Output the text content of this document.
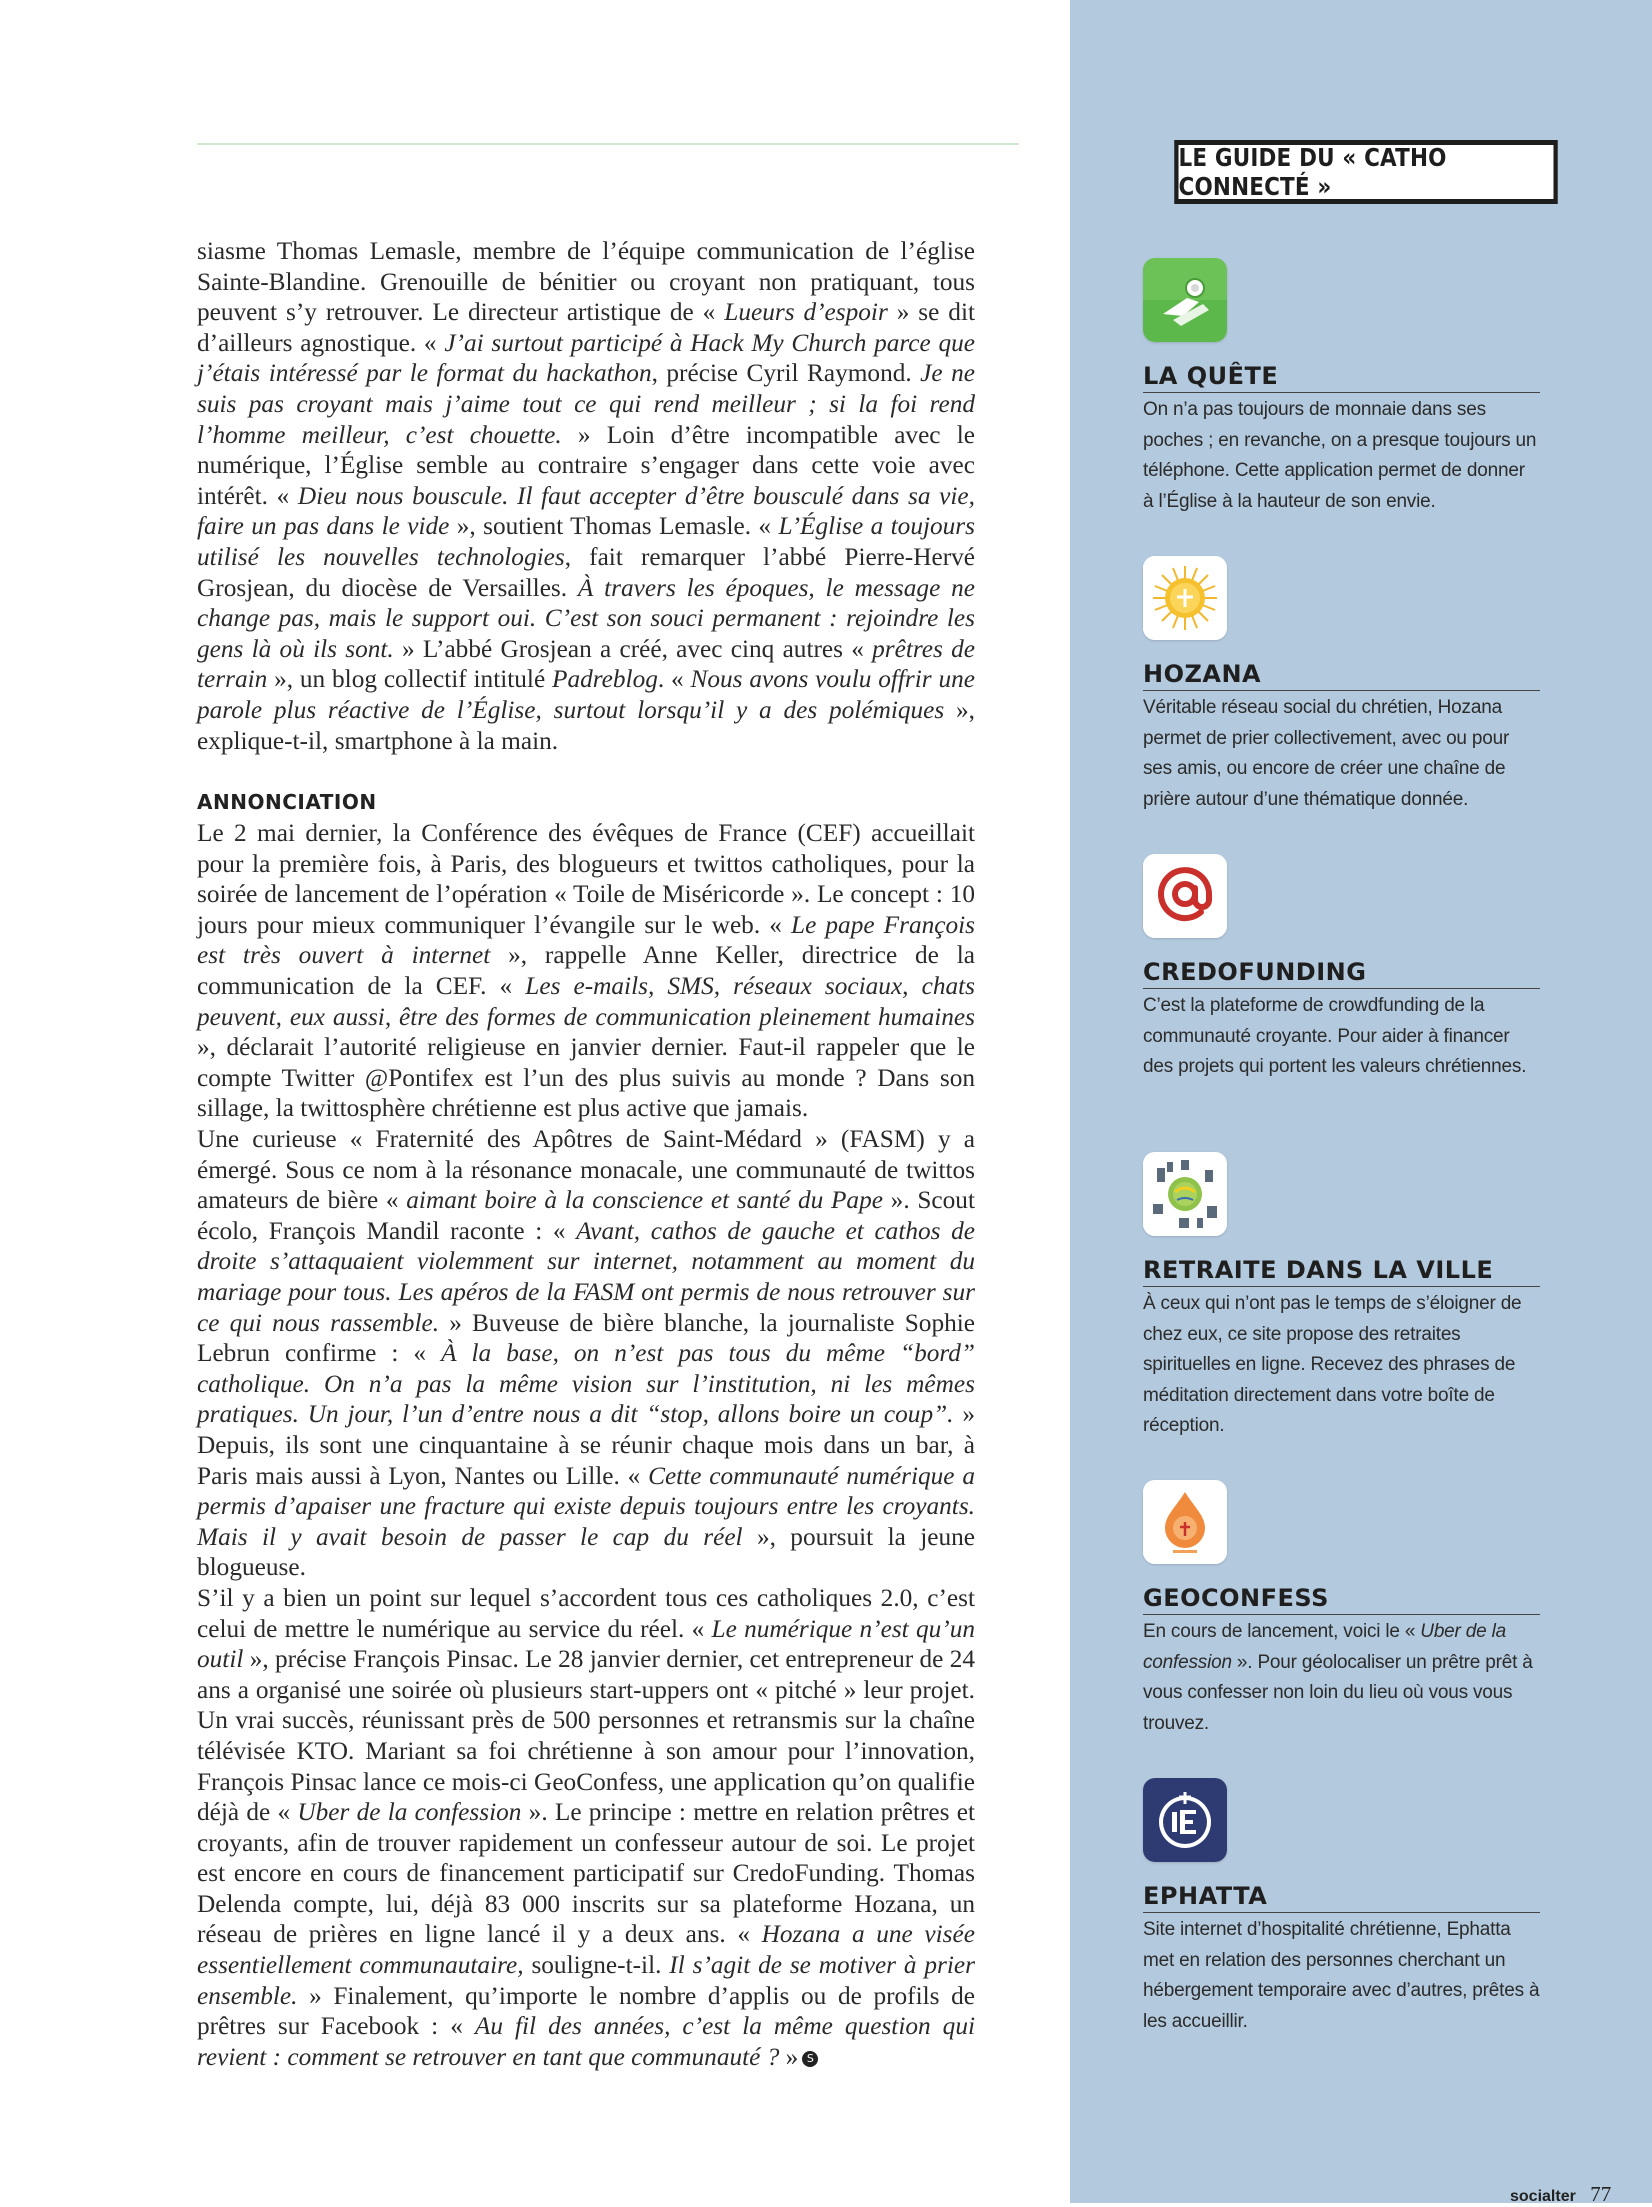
siasme Thomas Lemasle, membre de l’équipe communication de l’église Sainte-Blandine. Grenouille de bénitier ou croyant non pratiquant, tous peuvent s’y retrouver. Le directeur artistique de « Lueurs d’espoir » se dit d’ailleurs agnostique. « J’ai surtout participé à Hack My Church parce que j’étais intéressé par le format du hackathon, précise Cyril Raymond. Je ne suis pas croyant mais j’aime tout ce qui rend meilleur ; si la foi rend l’homme meilleur, c’est chouette. » Loin d’être incompatible avec le numérique, l’Église semble au contraire s’engager dans cette voie avec intérêt. « Dieu nous bouscule. Il faut accepter d’être bousculé dans sa vie, faire un pas dans le vide », soutient Thomas Lemasle. « L’Église a toujours utilisé les nouvelles technologies, fait remarquer l’abbé Pierre-Hervé Grosjean, du diocèse de Versailles. À travers les époques, le message ne change pas, mais le support oui. C’est son souci permanent : rejoindre les gens là où ils sont. » L’abbé Grosjean a créé, avec cinq autres « prêtres de terrain », un blog collectif intitulé Padreblog. « Nous avons voulu offrir une parole plus réactive de l’Église, surtout lorsqu’il y a des polémiques », explique-t-il, smartphone à la main.

ANNONCIATION

Le 2 mai dernier, la Conférence des évêques de France (CEF) accueillait pour la première fois, à Paris, des blogueurs et twittos catholiques, pour la soirée de lancement de l’opération « Toile de Miséricorde ». Le concept : 10 jours pour mieux communiquer l’évangile sur le web. « Le pape François est très ouvert à internet », rappelle Anne Keller, directrice de la communication de la CEF. « Les e-mails, SMS, réseaux sociaux, chats peuvent, eux aussi, être des formes de communication pleinement humaines », déclarait l’autorité religieuse en janvier dernier. Faut-il rappeler que le compte Twitter @Pontifex est l’un des plus suivis au monde ? Dans son sillage, la twittosphère chrétienne est plus active que jamais.

Une curieuse « Fraternité des Apôtres de Saint-Médard » (FASM) y a émergé. Sous ce nom à la résonance monacale, une communauté de twittos amateurs de bière « aimant boire à la conscience et santé du Pape ». Scout écolo, François Mandil raconte : « Avant, cathos de gauche et cathos de droite s’attaquaient violemment sur internet, notamment au moment du mariage pour tous. Les apéros de la FASM ont permis de nous retrouver sur ce qui nous rassemble. » Buveuse de bière blanche, la journaliste Sophie Lebrun confirme : « À la base, on n’est pas tous du même “bord” catholique. On n’a pas la même vision sur l’institution, ni les mêmes pratiques. Un jour, l’un d’entre nous a dit “stop, allons boire un coup”. » Depuis, ils sont une cinquantaine à se réunir chaque mois dans un bar, à Paris mais aussi à Lyon, Nantes ou Lille. « Cette communauté numérique a permis d’apaiser une fracture qui existe depuis toujours entre les croyants. Mais il y avait besoin de passer le cap du réel », poursuit la jeune blogueuse.

S’il y a bien un point sur lequel s’accordent tous ces catholiques 2.0, c’est celui de mettre le numérique au service du réel. « Le numérique n’est qu’un outil », précise François Pinsac. Le 28 janvier dernier, cet entrepreneur de 24 ans a organisé une soirée où plusieurs start-uppers ont « pitché » leur projet. Un vrai succès, réunissant près de 500 personnes et retransmis sur la chaîne télévisée KTO. Mariant sa foi chrétienne à son amour pour l’innovation, François Pinsac lance ce mois-ci GeoConfess, une application qu’on qualifie déjà de « Uber de la confession ». Le principe : mettre en relation prêtres et croyants, afin de trouver rapidement un confesseur autour de soi. Le projet est encore en cours de financement participatif sur CredoFunding. Thomas Delenda compte, lui, déjà 83 000 inscrits sur sa plateforme Hozana, un réseau de prières en ligne lancé il y a deux ans. « Hozana a une visée essentiellement communautaire, souligne-t-il. Il s’agit de se motiver à prier ensemble. » Finalement, qu’importe le nombre d’applis ou de profils de prêtres sur Facebook : « Au fil des années, c’est la même question qui revient : comment se retrouver en tant que communauté ? » S

LE GUIDE DU « CATHO CONNECTÉ »
LA QUÊTE
On n’a pas toujours de monnaie dans ses poches ; en revanche, on a presque toujours un téléphone. Cette application permet de donner à l’Église à la hauteur de son envie.
HOZANA
Véritable réseau social du chrétien, Hozana permet de prier collectivement, avec ou pour ses amis, ou encore de créer une chaîne de prière autour d’une thématique donnée.
CREDOFUNDING
C’est la plateforme de crowdfunding de la communauté croyante. Pour aider à financer des projets qui portent les valeurs chrétiennes.
RETRAITE DANS LA VILLE
À ceux qui n’ont pas le temps de s’éloigner de chez eux, ce site propose des retraites spirituelles en ligne. Recevez des phrases de méditation directement dans votre boîte de réception.
GEOCONFESS
En cours de lancement, voici le « Uber de la confession ». Pour géolocaliser un prêtre prêt à vous confesser non loin du lieu où vous vous trouvez.
EPHATTA
Site internet d’hospitalité chrétienne, Ephatta met en relation des personnes cherchant un hébergement temporaire avec d’autres, prêtes à les accueillir.
socialter 77
